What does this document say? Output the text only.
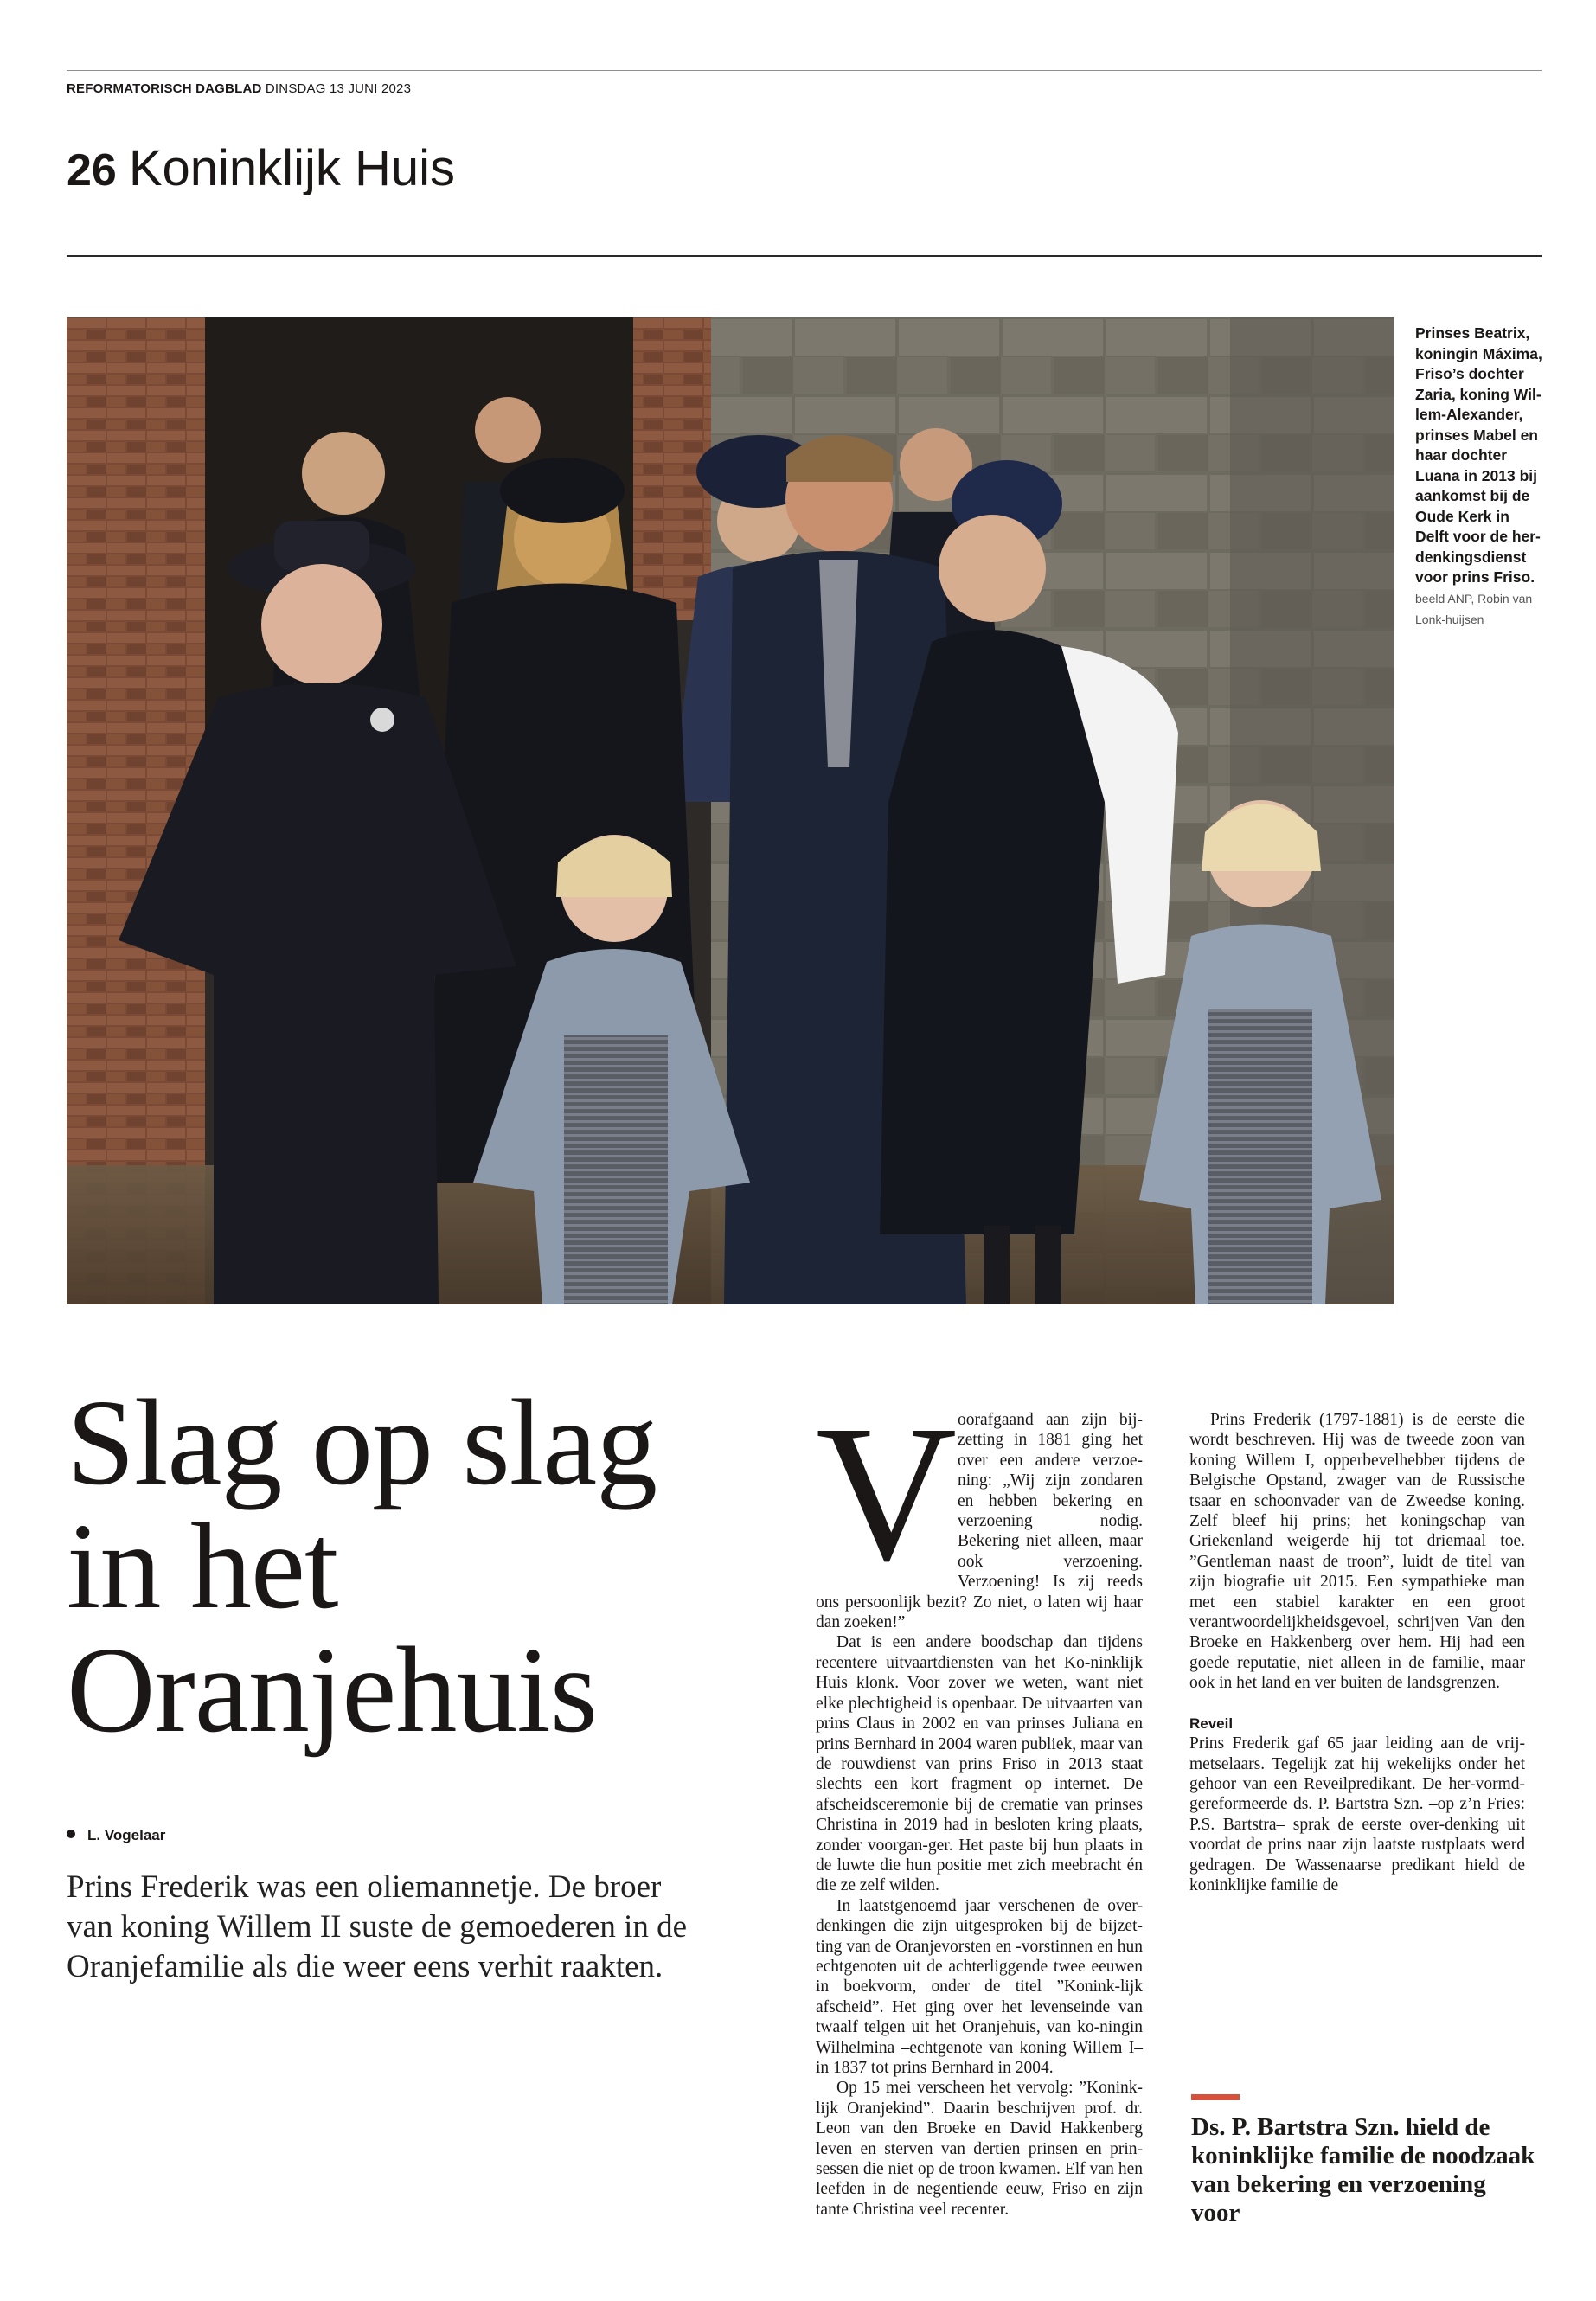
REFORMATORISCH DAGBLAD DINSDAG 13 JUNI 2023
26 Koninklijk Huis
Prinses Beatrix, koningin Máxima, Friso’s dochter Zaria, koning Wil-lem-Alexander, prinses Mabel en haar dochter Luana in 2013 bij aankomst bij de Oude Kerk in Delft voor de her-denkingsdienst voor prins Friso. beeld ANP, Robin van Lonk-huijsen
Slag op slag in het Oranjehuis
L. Vogelaar
Prins Frederik was een oliemannetje. De broer van koning Willem II suste de gemoederen in de Oranjefamilie als die weer eens verhit raakten.
V oorafgaand aan zijn bij-zetting in 1881 ging het over een andere verzoe-ning: „Wij zijn zondaren en hebben bekering en verzoening nodig. Bekering niet alleen, maar ook verzoening. Verzoening! Is zij reeds ons persoonlijk bezit? Zo niet, o laten wij haar dan zoeken!”

Dat is een andere boodschap dan tijdens recentere uitvaartdiensten van het Ko-ninklijk Huis klonk. Voor zover we weten, want niet elke plechtigheid is openbaar. De uitvaarten van prins Claus in 2002 en van prinses Juliana en prins Bernhard in 2004 waren publiek, maar van de rouwdienst van prins Friso in 2013 staat slechts een kort fragment op internet. De afscheidsceremonie bij de crematie van prinses Christina in 2019 had in besloten kring plaats, zonder voorgan-ger. Het paste bij hun plaats in de luwte die hun positie met zich meebracht én die ze zelf wilden.

In laatstgenoemd jaar verschenen de over-denkingen die zijn uitgesproken bij de bijzet-ting van de Oranjevorsten en -vorstinnen en hun echtgenoten uit de achterliggende twee eeuwen in boekvorm, onder de titel ”Konink-lijk afscheid”. Het ging over het levenseinde van twaalf telgen uit het Oranjehuis, van ko-ningin Wilhelmina –echtgenote van koning Willem I– in 1837 tot prins Bernhard in 2004.

Op 15 mei verscheen het vervolg: ”Konink-lijk Oranjekind”. Daarin beschrijven prof. dr. Leon van den Broeke en David Hakkenberg leven en sterven van dertien prinsen en prin-sessen die niet op de troon kwamen. Elf van hen leefden in de negentiende eeuw, Friso en zijn tante Christina veel recenter.

Prins Frederik (1797-1881) is de eerste die wordt beschreven. Hij was de tweede zoon van koning Willem I, opperbevelhebber tijdens de Belgische Opstand, zwager van de Russische tsaar en schoonvader van de Zweedse koning. Zelf bleef hij prins; het koningschap van Griekenland weigerde hij tot driemaal toe. ”Gentleman naast de troon”, luidt de titel van zijn biografie uit 2015. Een sympathieke man met een stabiel karakter en een groot verantwoordelijkheidsgevoel, schrijven Van den Broeke en Hakkenberg over hem. Hij had een goede reputatie, niet alleen in de familie, maar ook in het land en ver buiten de landsgrenzen.

Reveil

Prins Frederik gaf 65 jaar leiding aan de vrij-metselaars. Tegelijk zat hij wekelijks onder het gehoor van een Reveilpredikant. De her-vormd-gereformeerde ds. P. Bartstra Szn. –op z’n Fries: P.S. Bartstra– sprak de eerste over-denking uit voordat de prins naar zijn laatste rustplaats werd gedragen. De Wassenaarse predikant hield de koninklijke familie de

Ds. P. Bartstra Szn. hield de koninklijke familie de noodzaak van bekering en verzoening voor
